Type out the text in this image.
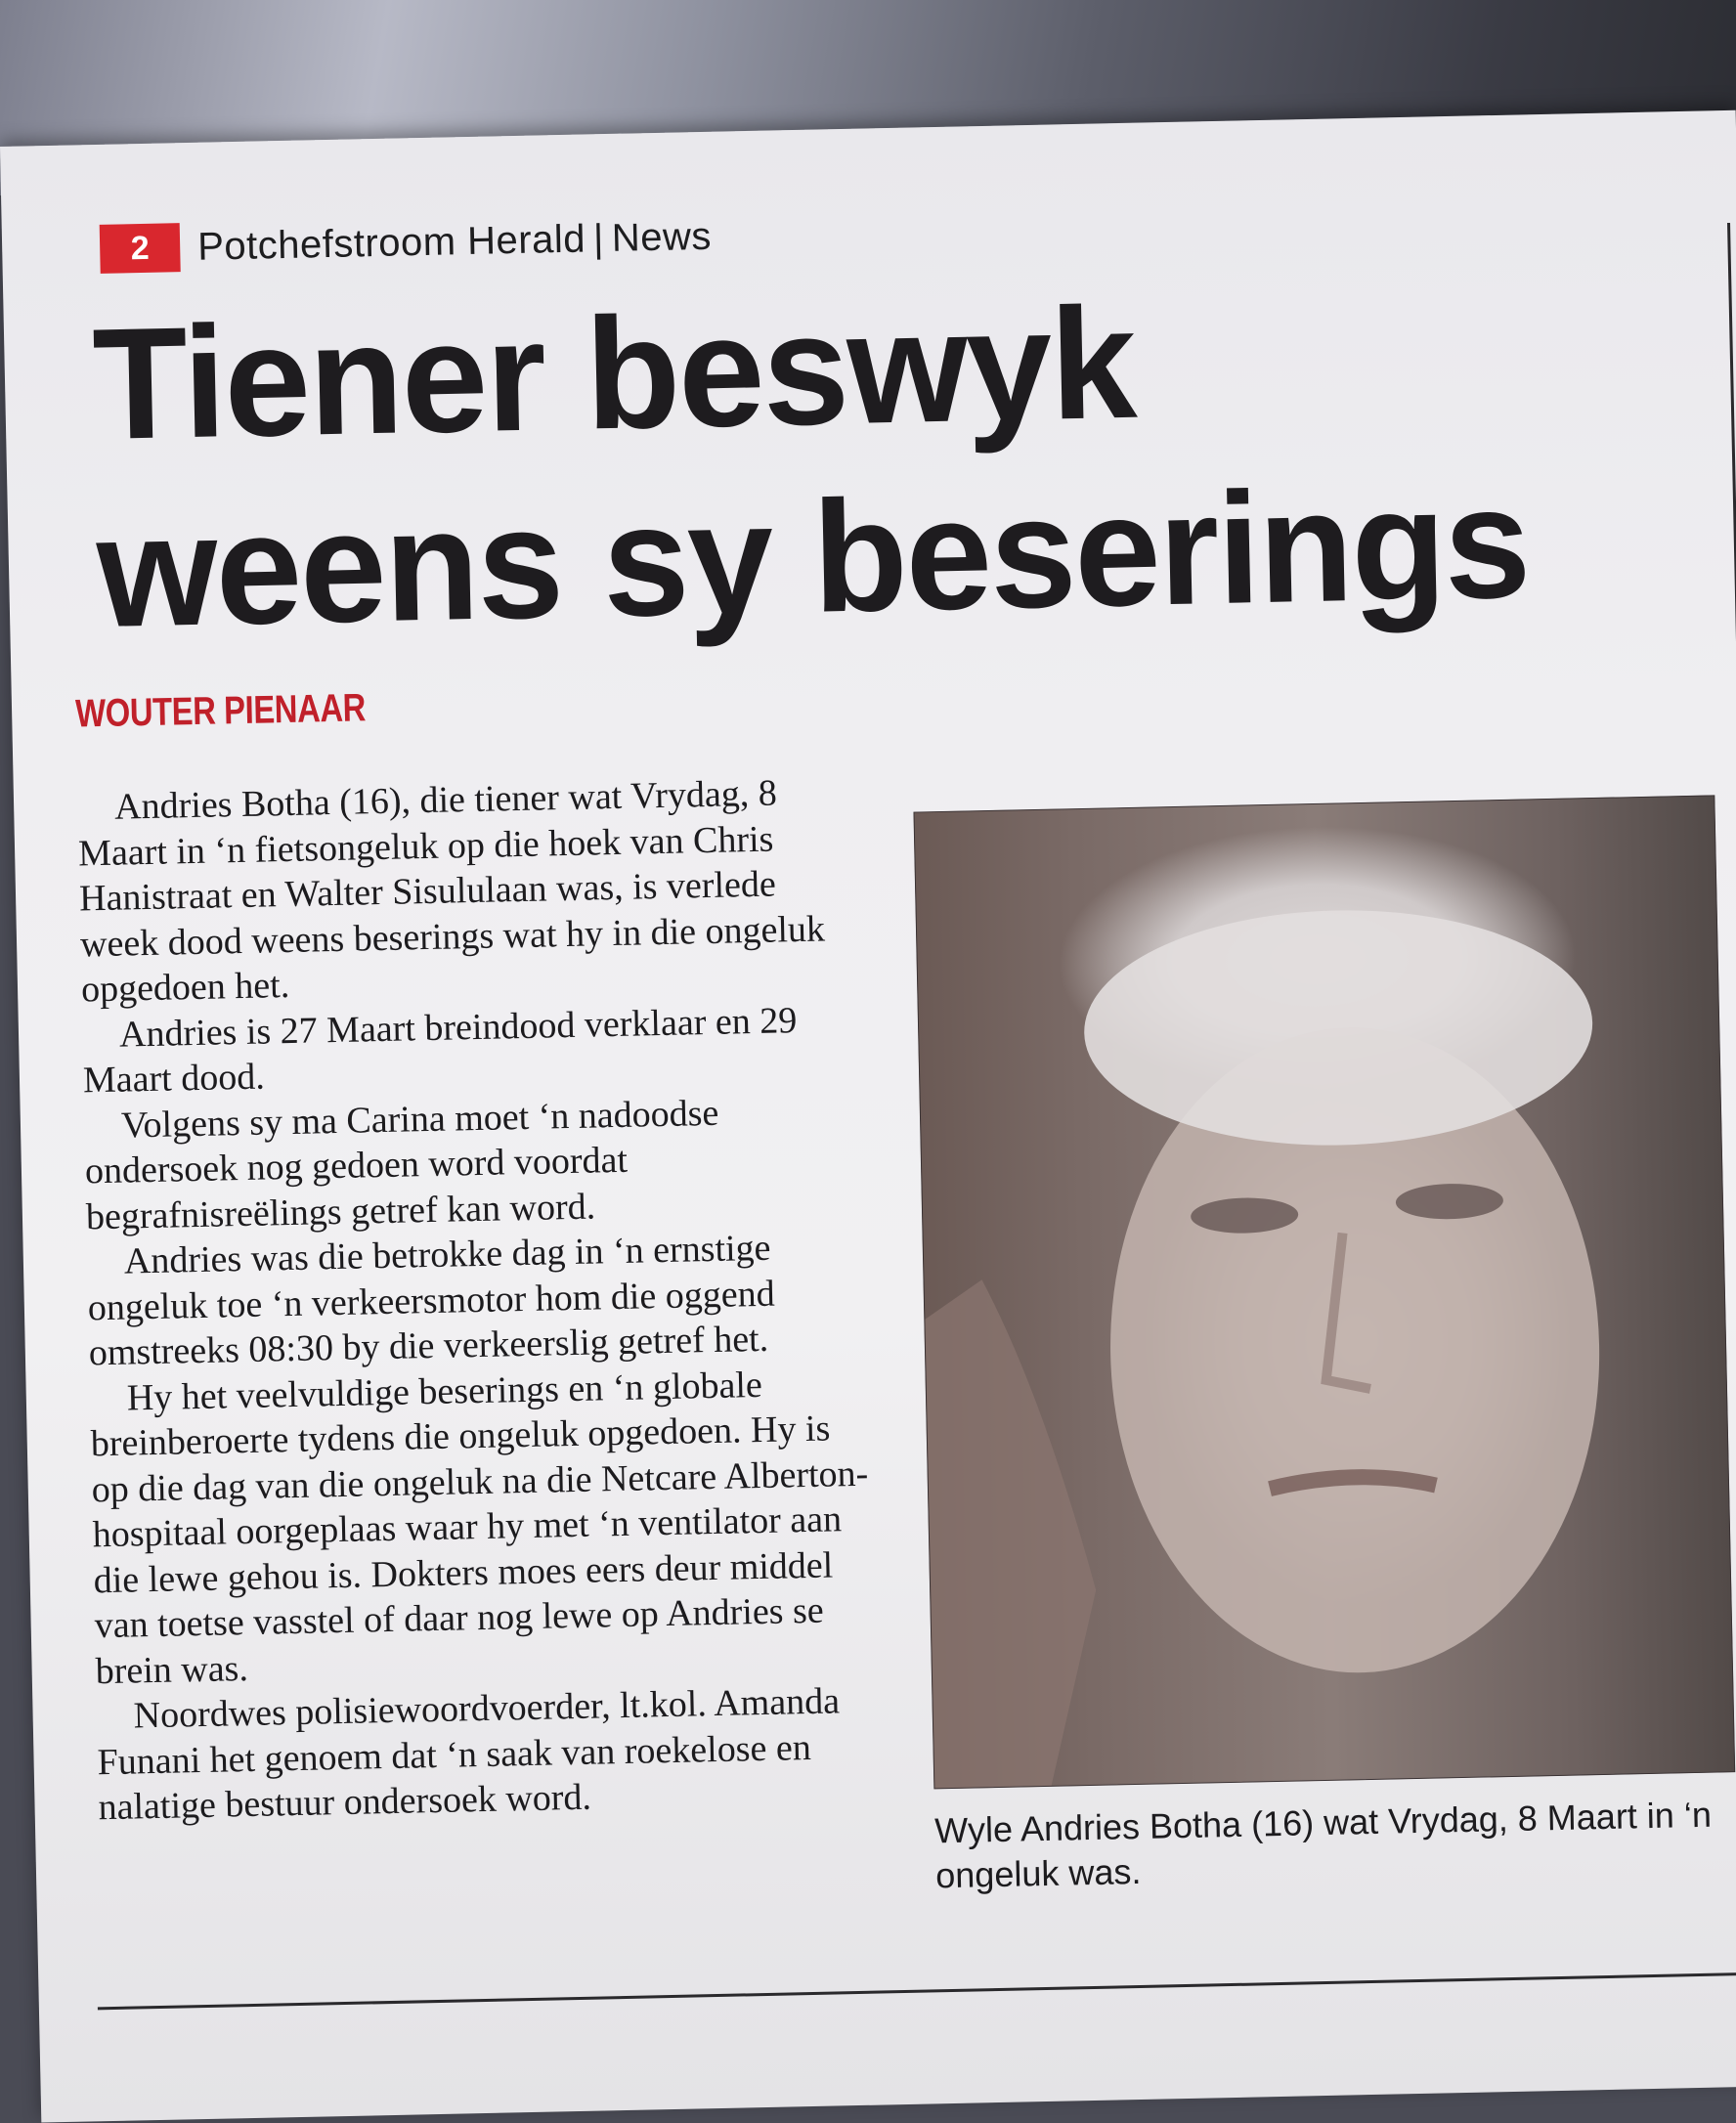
2	Potchefstroom Herald | News
Tiener beswyk
weens sy beserings
WOUTER PIENAAR

Andries Botha (16), die tiener wat Vrydag, 8 Maart in ‘n fietsongeluk op die hoek van Chris Hanistraat en Walter Sisululaan was, is verlede week dood weens beserings wat hy in die ongeluk opgedoen het.

Andries is 27 Maart breindood verklaar en 29 Maart dood.

Volgens sy ma Carina moet ‘n nadoodse ondersoek nog gedoen word voordat begrafnisreëlings getref kan word.

Andries was die betrokke dag in ‘n ernstige ongeluk toe ‘n verkeersmotor hom die oggend omstreeks 08:30 by die verkeerslig getref het.

Hy het veelvuldige beserings en ‘n globale breinberoerte tydens die ongeluk opgedoen. Hy is op die dag van die ongeluk na die Netcare Alberton-hospitaal oorgeplaas waar hy met ‘n ventilator aan die lewe gehou is. Dokters moes eers deur middel van toetse vasstel of daar nog lewe op Andries se brein was.

Noordwes polisiewoordvoerder, lt.kol. Amanda Funani het genoem dat ‘n saak van roekelose en nalatige bestuur ondersoek word.	Wyle Andries Botha (16) wat Vrydag, 8 Maart in ‘n ongeluk was.
